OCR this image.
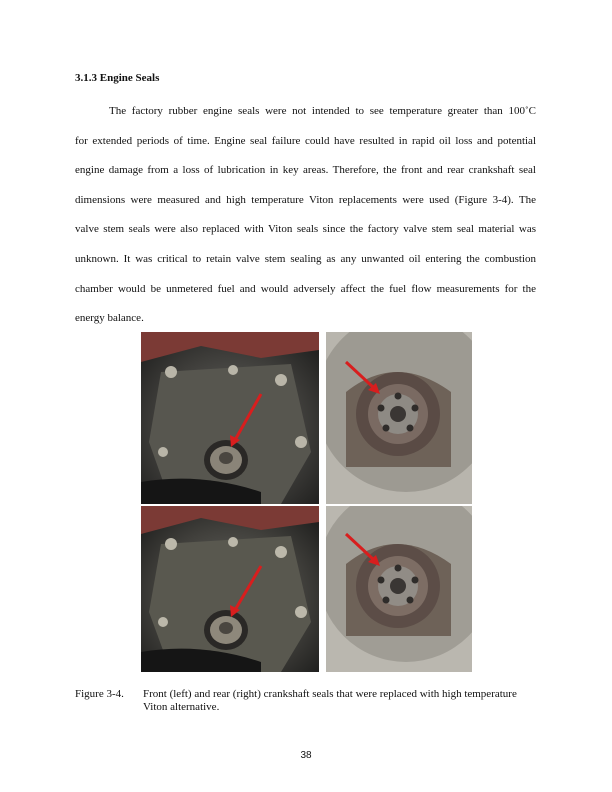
3.1.3 Engine Seals
The factory rubber engine seals were not intended to see temperature greater than 100˚C
for extended periods of time. Engine seal failure could have resulted in rapid oil loss and potential
engine damage from a loss of lubrication in key areas. Therefore, the front and rear crankshaft seal
dimensions were measured and high temperature Viton replacements were used (Figure 3-4). The
valve stem seals were also replaced with Viton seals since the factory valve stem seal material was
unknown. It was critical to retain valve stem sealing as any unwanted oil entering the combustion
chamber would be unmetered fuel and would adversely affect the fuel flow measurements for the
energy balance.
Figure 3-4. Front (left) and rear (right) crankshaft seals that were replaced with high temperature Viton alternative.
38
